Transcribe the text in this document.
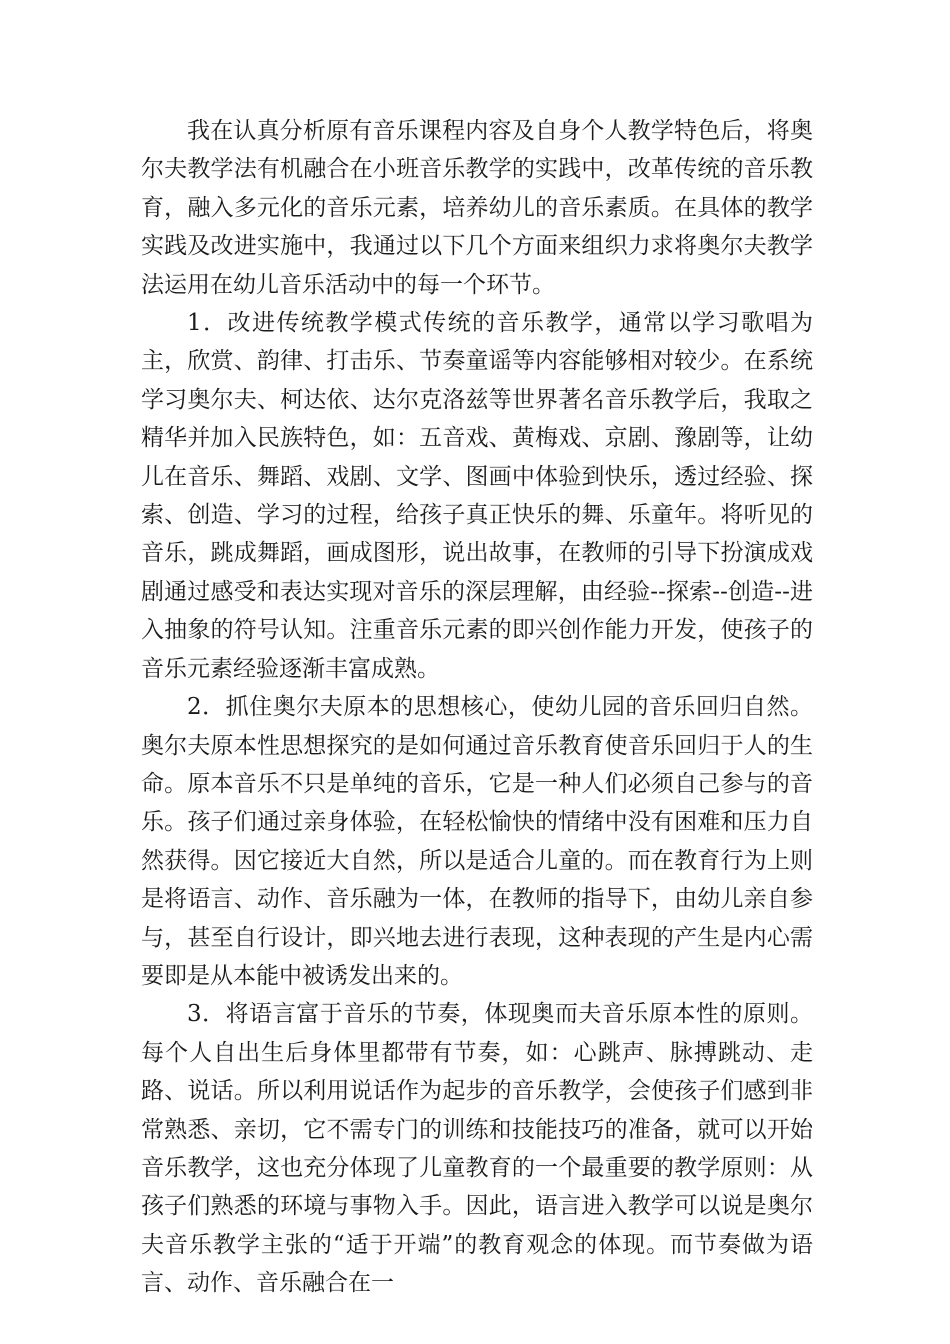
我在认真分析原有音乐课程内容及自身个人教学特色后，将奥尔夫教学法有机融合在小班音乐教学的实践中，改革传统的音乐教育，融入多元化的音乐元素，培养幼儿的音乐素质。在具体的教学实践及改进实施中，我通过以下几个方面来组织力求将奥尔夫教学法运用在幼儿音乐活动中的每一个环节。

1．改进传统教学模式传统的音乐教学，通常以学习歌唱为主，欣赏、韵律、打击乐、节奏童谣等内容能够相对较少。在系统学习奥尔夫、柯达依、达尔克洛兹等世界著名音乐教学后，我取之精华并加入民族特色，如：五音戏、黄梅戏、京剧、豫剧等，让幼儿在音乐、舞蹈、戏剧、文学、图画中体验到快乐，透过经验、探索、创造、学习的过程，给孩子真正快乐的舞、乐童年。将听见的音乐，跳成舞蹈，画成图形，说出故事，在教师的引导下扮演成戏剧通过感受和表达实现对音乐的深层理解，由经验--探索--创造--进入抽象的符号认知。注重音乐元素的即兴创作能力开发，使孩子的音乐元素经验逐渐丰富成熟。

2．抓住奥尔夫原本的思想核心，使幼儿园的音乐回归自然。奥尔夫原本性思想探究的是如何通过音乐教育使音乐回归于人的生命。原本音乐不只是单纯的音乐，它是一种人们必须自己参与的音乐。孩子们通过亲身体验，在轻松愉快的情绪中没有困难和压力自然获得。因它接近大自然，所以是适合儿童的。而在教育行为上则是将语言、动作、音乐融为一体，在教师的指导下，由幼儿亲自参与，甚至自行设计，即兴地去进行表现，这种表现的产生是内心需要即是从本能中被诱发出来的。

3．将语言富于音乐的节奏，体现奥而夫音乐原本性的原则。每个人自出生后身体里都带有节奏，如：心跳声、脉搏跳动、走路、说话。所以利用说话作为起步的音乐教学，会使孩子们感到非常熟悉、亲切，它不需专门的训练和技能技巧的准备，就可以开始音乐教学，这也充分体现了儿童教育的一个最重要的教学原则：从孩子们熟悉的环境与事物入手。因此，语言进入教学可以说是奥尔夫音乐教学主张的“适于开端”的教育观念的体现。而节奏做为语言、动作、音乐融合在一
